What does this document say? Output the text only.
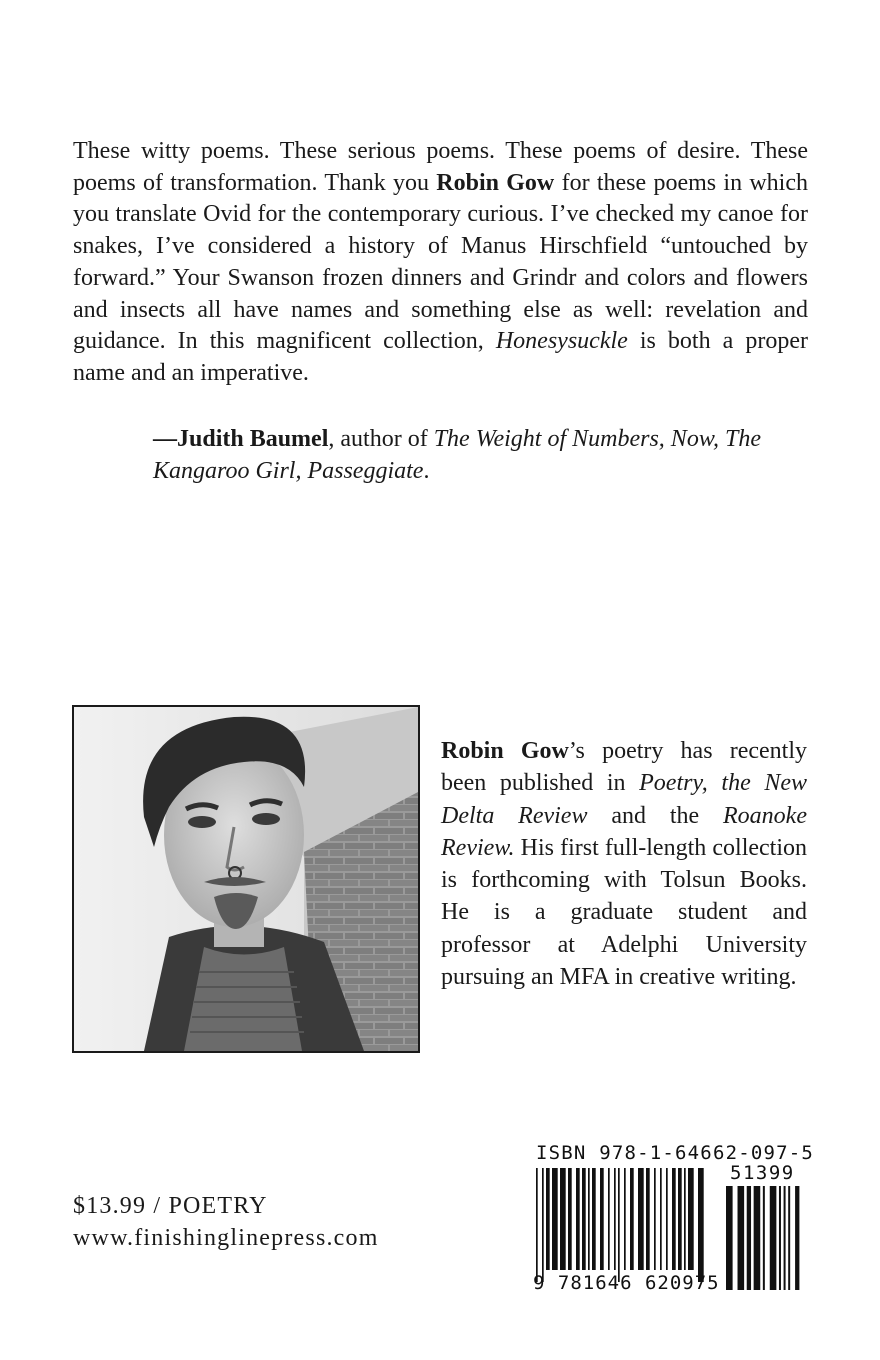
These witty poems. These serious poems. These poems of desire. These poems of transformation. Thank you Robin Gow for these poems in which you translate Ovid for the contemporary curious. I’ve checked my canoe for snakes, I’ve considered a history of Manus Hirschfield “untouched by forward.” Your Swanson frozen dinners and Grindr and colors and flowers and insects all have names and something else as well: revelation and guidance. In this magnificent collection, Honesysuckle is both a proper name and an imperative.

—Judith Baumel, author of The Weight of Numbers, Now, The Kangaroo Girl, Passeggiate.

Robin Gow’s poetry has recently been published in Poetry, the New Delta Review and the Roanoke Review. His first full-length collection is forthcoming with Tolsun Books. He is a graduate student and professor at Adelphi University pursuing an MFA in creative writing.

$13.99 / POETRY

www.finishinglinepress.com

ISBN 978-1-64662-097-5
51399
9 781646 620975
